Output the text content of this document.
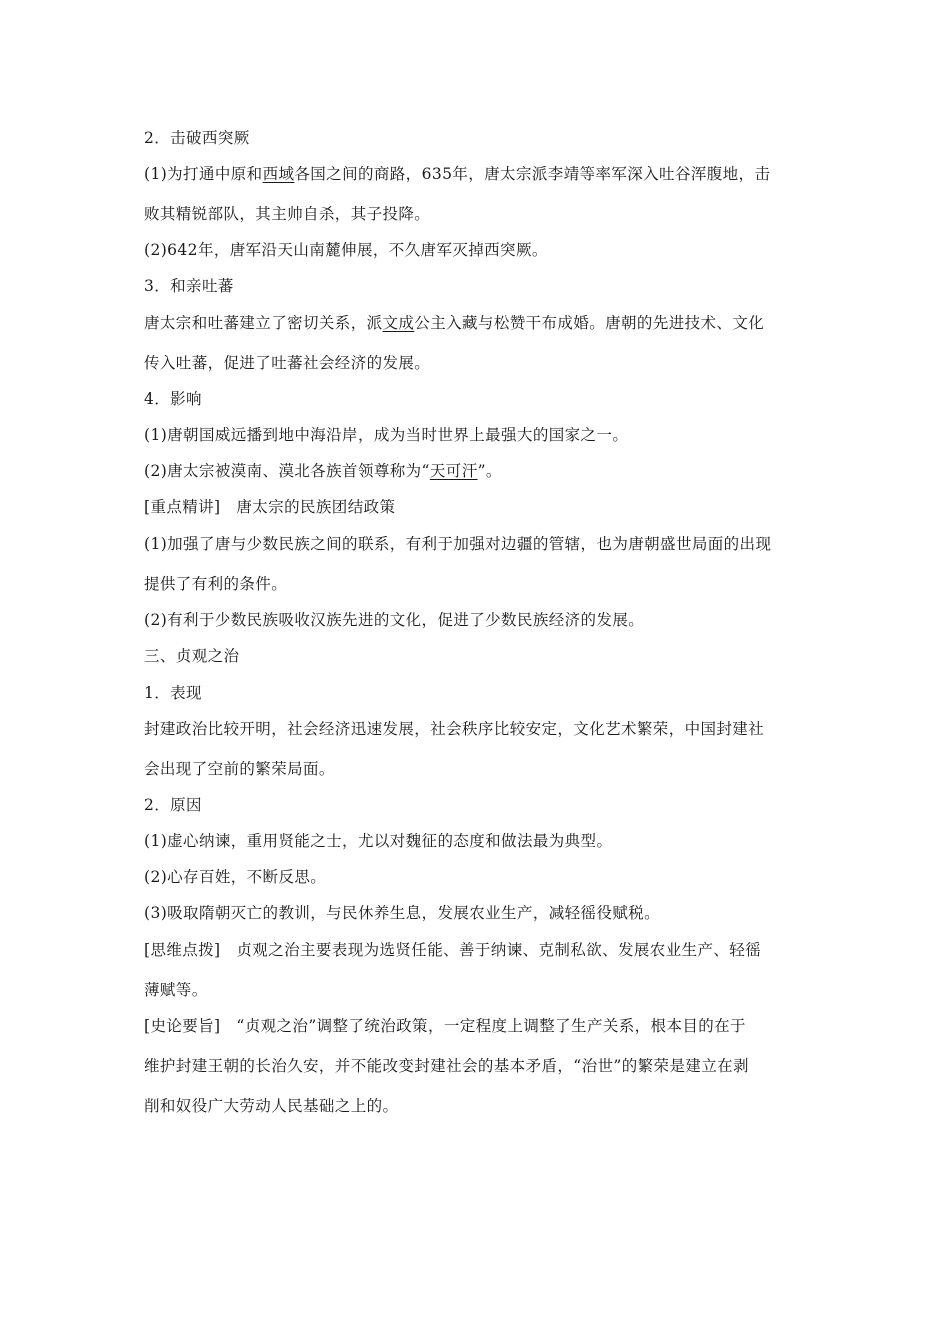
2．击破西突厥
(1)为打通中原和西域各国之间的商路，635年，唐太宗派李靖等率军深入吐谷浑腹地，击
败其精锐部队，其主帅自杀，其子投降。
(2)642年，唐军沿天山南麓伸展，不久唐军灭掉西突厥。
3．和亲吐蕃
唐太宗和吐蕃建立了密切关系，派文成公主入藏与松赞干布成婚。唐朝的先进技术、文化
传入吐蕃，促进了吐蕃社会经济的发展。
4．影响
(1)唐朝国威远播到地中海沿岸，成为当时世界上最强大的国家之一。
(2)唐太宗被漠南、漠北各族首领尊称为“天可汗”。
[重点精讲]　唐太宗的民族团结政策
(1)加强了唐与少数民族之间的联系，有利于加强对边疆的管辖，也为唐朝盛世局面的出现
提供了有利的条件。
(2)有利于少数民族吸收汉族先进的文化，促进了少数民族经济的发展。
三、贞观之治
1．表现
封建政治比较开明，社会经济迅速发展，社会秩序比较安定，文化艺术繁荣，中国封建社
会出现了空前的繁荣局面。
2．原因
(1)虚心纳谏，重用贤能之士，尤以对魏征的态度和做法最为典型。
(2)心存百姓，不断反思。
(3)吸取隋朝灭亡的教训，与民休养生息，发展农业生产，减轻徭役赋税。
[思维点拨]　贞观之治主要表现为选贤任能、善于纳谏、克制私欲、发展农业生产、轻徭
薄赋等。
[史论要旨]　“贞观之治”调整了统治政策，一定程度上调整了生产关系，根本目的在于
维护封建王朝的长治久安，并不能改变封建社会的基本矛盾，“治世”的繁荣是建立在剥
削和奴役广大劳动人民基础之上的。
